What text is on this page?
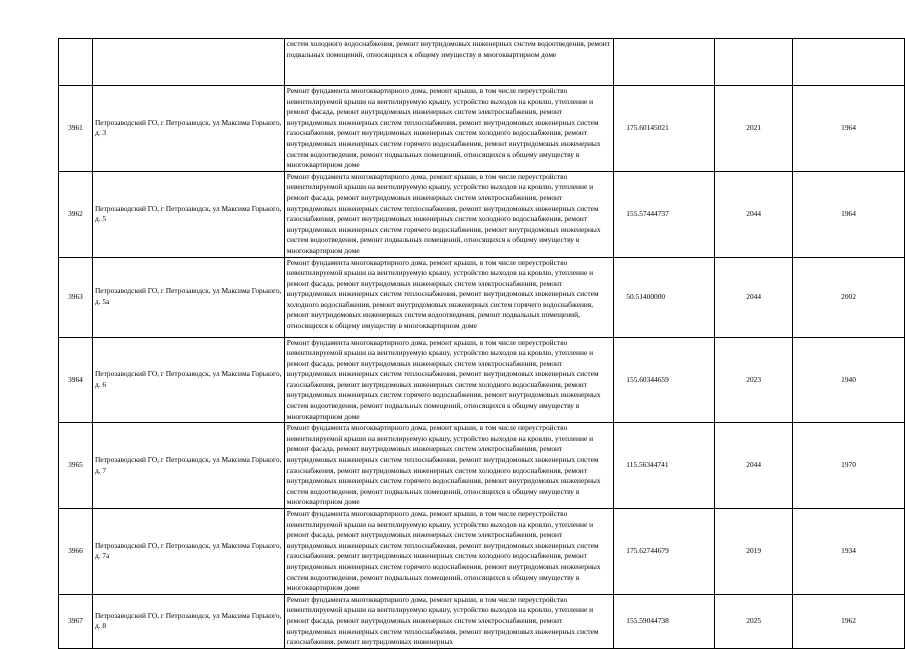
		систем холодного водоснабжения, ремонт внутридомовых инженерных систем водоотведения, ремонт подвальных помещений, относящихся к общему имуществу в многоквартирном доме			
3961	Петрозаводский ГО, г Петрозаводск, ул Максима Горького, д. 3	Ремонт фундамента многоквартирного дома, ремонт крыши, в том числе переустройство невентилируемой крыши на вентилируемую крышу, устройство выходов на кровлю, утепление и ремонт фасада, ремонт внутридомовых инженерных систем электроснабжения, ремонт внутридомовых инженерных систем теплоснабжения, ремонт внутридомовых инженерных систем газоснабжения, ремонт внутридомовых инженерных систем холодного водоснабжения, ремонт внутридомовых инженерных систем горячего водоснабжения, ремонт внутридомовых инженерных систем водоотведения, ремонт подвальных помещений, относящихся к общему имуществу в многоквартирном доме	175.60145021	2021	1964
3962	Петрозаводский ГО, г Петрозаводск, ул Максима Горького, д. 5	Ремонт фундамента многоквартирного дома, ремонт крыши, в том числе переустройство невентилируемой крыши на вентилируемую крышу, устройство выходов на кровлю, утепление и ремонт фасада, ремонт внутридомовых инженерных систем электроснабжения, ремонт внутридомовых инженерных систем теплоснабжения, ремонт внутридомовых инженерных систем газоснабжения, ремонт внутридомовых инженерных систем холодного водоснабжения, ремонт внутридомовых инженерных систем горячего водоснабжения, ремонт внутридомовых инженерных систем водоотведения, ремонт подвальных помещений, относящихся к общему имуществу в многоквартирном доме	155.57444737	2044	1964
3963	Петрозаводский ГО, г Петрозаводск, ул Максима Горького, д. 5а	Ремонт фундамента многоквартирного дома, ремонт крыши, в том числе переустройство невентилируемой крыши на вентилируемую крышу, устройство выходов на кровлю, утепление и ремонт фасада, ремонт внутридомовых инженерных систем электроснабжения, ремонт внутридомовых инженерных систем теплоснабжения, ремонт внутридомовых инженерных систем холодного водоснабжения, ремонт внутридомовых инженерных систем горячего водоснабжения, ремонт внутридомовых инженерных систем водоотведения, ремонт подвальных помещений, относящихся к общему имуществу в многоквартирном доме	50.51400000	2044	2002
3964	Петрозаводский ГО, г Петрозаводск, ул Максима Горького, д. 6	Ремонт фундамента многоквартирного дома, ремонт крыши, в том числе переустройство невентилируемой крыши на вентилируемую крышу, устройство выходов на кровлю, утепление и ремонт фасада, ремонт внутридомовых инженерных систем электроснабжения, ремонт внутридомовых инженерных систем теплоснабжения, ремонт внутридомовых инженерных систем газоснабжения, ремонт внутридомовых инженерных систем холодного водоснабжения, ремонт внутридомовых инженерных систем горячего водоснабжения, ремонт внутридомовых инженерных систем водоотведения, ремонт подвальных помещений, относящихся к общему имуществу в многоквартирном доме	155.60344659	2023	1940
3965	Петрозаводский ГО, г Петрозаводск, ул Максима Горького, д. 7	Ремонт фундамента многоквартирного дома, ремонт крыши, в том числе переустройство невентилируемой крыши на вентилируемую крышу, устройство выходов на кровлю, утепление и ремонт фасада, ремонт внутридомовых инженерных систем электроснабжения, ремонт внутридомовых инженерных систем теплоснабжения, ремонт внутридомовых инженерных систем газоснабжения, ремонт внутридомовых инженерных систем холодного водоснабжения, ремонт внутридомовых инженерных систем горячего водоснабжения, ремонт внутридомовых инженерных систем водоотведения, ремонт подвальных помещений, относящихся к общему имуществу в многоквартирном доме	115.56344741	2044	1970
3966	Петрозаводский ГО, г Петрозаводск, ул Максима Горького, д. 7а	Ремонт фундамента многоквартирного дома, ремонт крыши, в том числе переустройство невентилируемой крыши на вентилируемую крышу, устройство выходов на кровлю, утепление и ремонт фасада, ремонт внутридомовых инженерных систем электроснабжения, ремонт внутридомовых инженерных систем теплоснабжения, ремонт внутридомовых инженерных систем газоснабжения, ремонт внутридомовых инженерных систем холодного водоснабжения, ремонт внутридомовых инженерных систем горячего водоснабжения, ремонт внутридомовых инженерных систем водоотведения, ремонт подвальных помещений, относящихся к общему имуществу в многоквартирном доме	175.62744679	2019	1934
3967	Петрозаводский ГО, г Петрозаводск, ул Максима Горького, д. 8	Ремонт фундамента многоквартирного дома, ремонт крыши, в том числе переустройство невентилируемой крыши на вентилируемую крышу, устройство выходов на кровлю, утепление и ремонт фасада, ремонт внутридомовых инженерных систем электроснабжения, ремонт внутридомовых инженерных систем теплоснабжения, ремонт внутридомовых инженерных систем газоснабжения, ремонт внутридомовых инженерных	155.59044738	2025	1962
